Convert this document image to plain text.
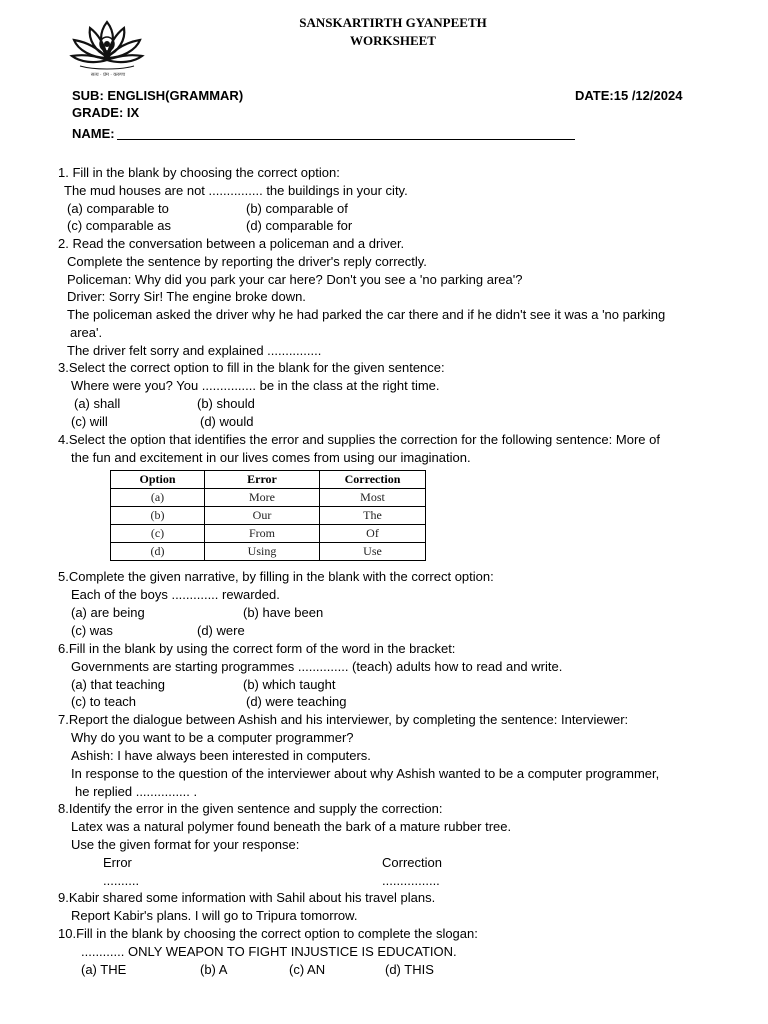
सत्य · प्रेम · करुणा
SANSKARTIRTH GYANPEETH
WORKSHEET
SUB: ENGLISH(GRAMMAR)	DATE:15 /12/2024
GRADE: IX
NAME:
1. Fill in the blank by choosing the correct option:
The mud houses are not ............... the buildings in your city.
(a) comparable to	(b) comparable of
(c) comparable as	(d) comparable for
2. Read the conversation between a policeman and a driver.
Complete the sentence by reporting the driver's reply correctly.
Policeman: Why did you park your car here? Don't you see a 'no parking area'?
Driver: Sorry Sir! The engine broke down.
The policeman asked the driver why he had parked the car there and if he didn't see it was a 'no parking
area'.
The driver felt sorry and explained ...............
3.Select the correct option to fill in the blank for the given sentence:
Where were you? You ............... be in the class at the right time.
(a) shall	(b) should
(c) will	(d) would
4.Select the option that identifies the error and supplies the correction for the following sentence: More of
the fun and excitement in our lives comes from using our imagination.
Option	Error	Correction
(a)	More	Most
(b)	Our	The
(c)	From	Of
(d)	Using	Use
5.Complete the given narrative, by filling in the blank with the correct option:
Each of the boys ............. rewarded.
(a) are being	(b) have been
(c) was	(d) were
6.Fill in the blank by using the correct form of the word in the bracket:
Governments are starting programmes .............. (teach) adults how to read and write.
(a) that teaching	(b) which taught
(c) to teach	(d) were teaching
7.Report the dialogue between Ashish and his interviewer, by completing the sentence: Interviewer:
Why do you want to be a computer programmer?
Ashish: I have always been interested in computers.
In response to the question of the interviewer about why Ashish wanted to be a computer programmer,
he replied ............... .
8.Identify the error in the given sentence and supply the correction:
Latex was a natural polymer found beneath the bark of a mature rubber tree.
Use the given format for your response:
Error	Correction
..........	................
9.Kabir shared some information with Sahil about his travel plans.
Report Kabir's plans. I will go to Tripura tomorrow.
10.Fill in the blank by choosing the correct option to complete the slogan:
............ ONLY WEAPON TO FIGHT INJUSTICE IS EDUCATION.
(a) THE	(b) A	(c) AN	(d) THIS
